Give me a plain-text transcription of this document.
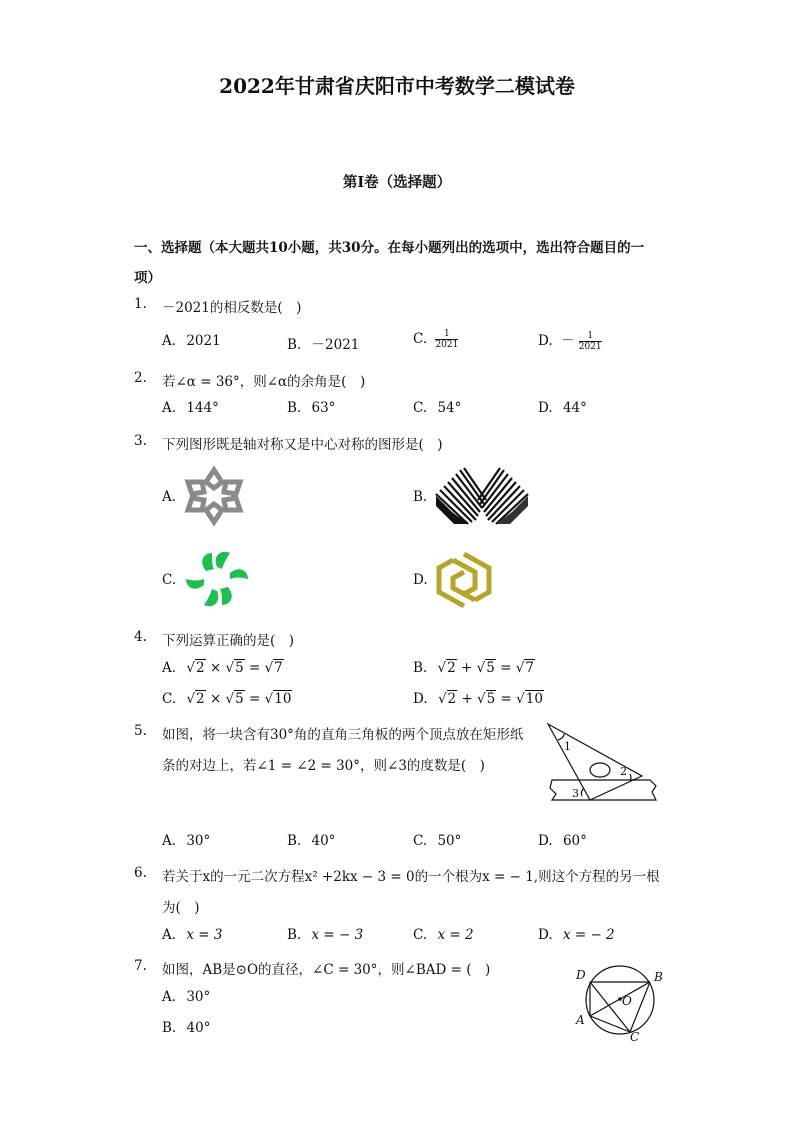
2022年甘肃省庆阳市中考数学二模试卷
第Ⅰ卷（选择题）
一、选择题（本大题共10小题，共30分。在每小题列出的选项中，选出符合题目的一项）
1. －2021的相反数是(　)
A. 2021	B. －2021	C. $\frac{1}{2021}$	D. － $\frac{1}{2021}$
2. 若∠α = 36°，则∠α的余角是(　)
A. 144°	B. 63°	C. 54°	D. 44°
3. 下列图形既是轴对称又是中心对称的图形是(　)
A.	B.
C.	D.
4. 下列运算正确的是(　)
A. √2 × √5 = √7	B. √2 + √5 = √7
C. √2 × √5 = √10	D. √2 + √5 = √10
5. 如图，将一块含有30°角的直角三角板的两个顶点放在矩形纸
条的对边上，若∠1 = ∠2 = 30°，则∠3的度数是(　)
1
2
3
A. 30°	B. 40°	C. 50°	D. 60°
6. 若关于x的一元二次方程x² +2kx − 3 = 0的一个根为x = − 1,则这个方程的另一根
为(　)
A. x = 3	B. x = − 3	C. x = 2	D. x = − 2
7. 如图，AB是⊙O的直径，∠C = 30°，则∠BAD = (　)
A. 30°
B. 40°
D	B
O
A
C
